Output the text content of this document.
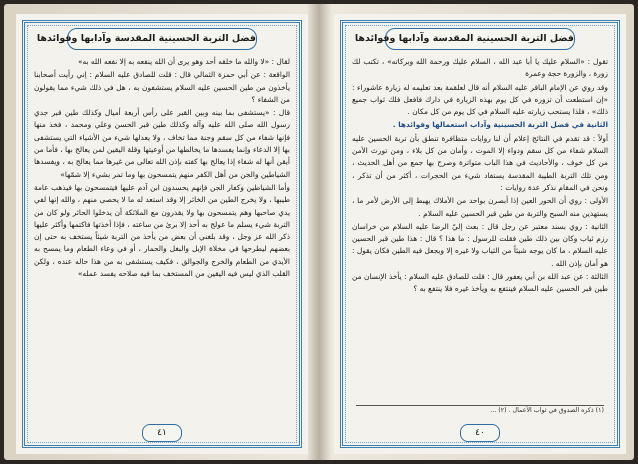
فضل التربة الحسينية المقدسة وآدابها وفوائدها

لقال : «لا والله ما خلقه أحد وهو يرى أن الله ينفعه به إلا نفعه الله به»

الواقعة : عن أبي حمزة الثمالي قال : قلت للصادق عليه السلام : إني رأيت أصحابنا يأخذون من طين الحسين عليه السلام يستشفون به ، هل في ذلك شيء مما يقولون من الشفاء ؟

قال : «يستشفى بما بينه وبين القبر على رأس أربعة أميال وكذلك طين قبر جدي رسول الله صلى الله عليه وآله وكذلك طين قبر الحسن وعلي ومحمد ، فخذ منها فإنها شفاء من كل سقم وجنة مما تخاف ، ولا يعدلها شيء من الأشياء التي يستشفى بها إلا الدعاء وإنما يفسدها ما يخالطها من أوعيتها وقلة اليقين لمن يعالج بها ، فأما من أيقن أنها له شفاء إذا يعالج بها كفته بإذن الله تعالى من غيرها مما يعالج به ، ويفسدها الشياطين والجن من أهل الكفر منهم يتمسحون بها وما تمر بشيء إلا شمّها»

وأما الشياطين وكفار الجن فإنهم يحسدون ابن آدم عليها فيتمسحون بها فيذهب عامة طيبها ، ولا يخرج الطين من الخائر إلا وقد استعد له ما لا يحصى منهم ، والله إنها لفي يدي صاحبها وهم يتمسحون بها ولا يقدرون مع الملائكة أن يدخلوا الحائر ولو كان من التربة شيء يسلم ما عولج به أحد إلا برئ من ساعته ، فإذا أخذتها فاكتمها وأكثر عليها ذكر الله عز وجل ، وقد بلغني أن بعض من يأخذ من التربة شيئاً يستخف به حتى إن بعضهم ليطرحها في مخلاة الإبل والبغل والحمار ، أو في وعاء الطعام وما يمسح به الأيدي من الطعام والخرج والجوالق ، فكيف يستشفى به من هذا حاله عنده ، ولكن القلب الذي ليس فيه اليقين من المستخف بما فيه صلاحه يفسد عمله»

٤١
فضل التربة الحسينية المقدسة وآدابها وفوائدها

تقول : «السلام عليك يا أبا عبد الله ، السلام عليك ورحمة الله وبركاته» ، تكتب لك زورة ، والزورة حجة وعمرة

وقد روي عن الإمام الباقر عليه السلام أنه قال لعلقمة بعد تعليمه له زيارة عاشوراء : «إن استطعت أن تزوره في كل يوم بهذه الزيارة في دارك فافعل فلك ثواب جميع ذلك» ، فلذا يستحب زيارته عليه السلام في كل يوم من كل مكان .

الثانية في فضل التربة الحسينية وآداب استعمالها وفوائدها .

أولاً : قد تقدم في النتائج إعلام أن لنا روايات متظافرة تنطق بأن تربة الحسين عليه السلام شفاء من كل سقم ودواء إلا الموت ، وأمان من كل بلاء ، ومن تورث الأمن من كل خوف ، والأحاديث في هذا الباب متواترة وصرح بها جمع من أهل الحديث ، ومن تلك التربة الطيبة المقدسة يستفاد شيء من الحجرات ، أكثر من أن تذكر ، ونحن في المقام نذكر عدة روايات :

الأولى : روي أن الحور العين إذا أبصرن بواحد من الأملاك يهبط إلى الأرض لأمر ما ، يستهدين منه السبح والتربة من طين قبر الحسين عليه السلام .

الثانية : روي بسند معتبر عن رجل قال : بعث إليّ الرضا عليه السلام من خراسان رزم ثياب وكان بين ذلك طين فقلت للرسول : ما هذا ؟ قال : هذا طين قبر الحسين عليه السلام ، ما كان يوجه شيئاً من الثياب ولا غيره إلا ويجعل فيه الطين فكان يقول : هو أمان بإذن الله .

الثالثة : عن عبد الله بن أبي يعفور قال : قلت للصادق عليه السلام : يأخذ الإنسان من طين قبر الحسين عليه السلام فينتفع به ويأخذ غيره فلا ينتفع به ؟

(١) ذكره الصدوق في ثواب الأعمال . (٢) ...
٤٠
